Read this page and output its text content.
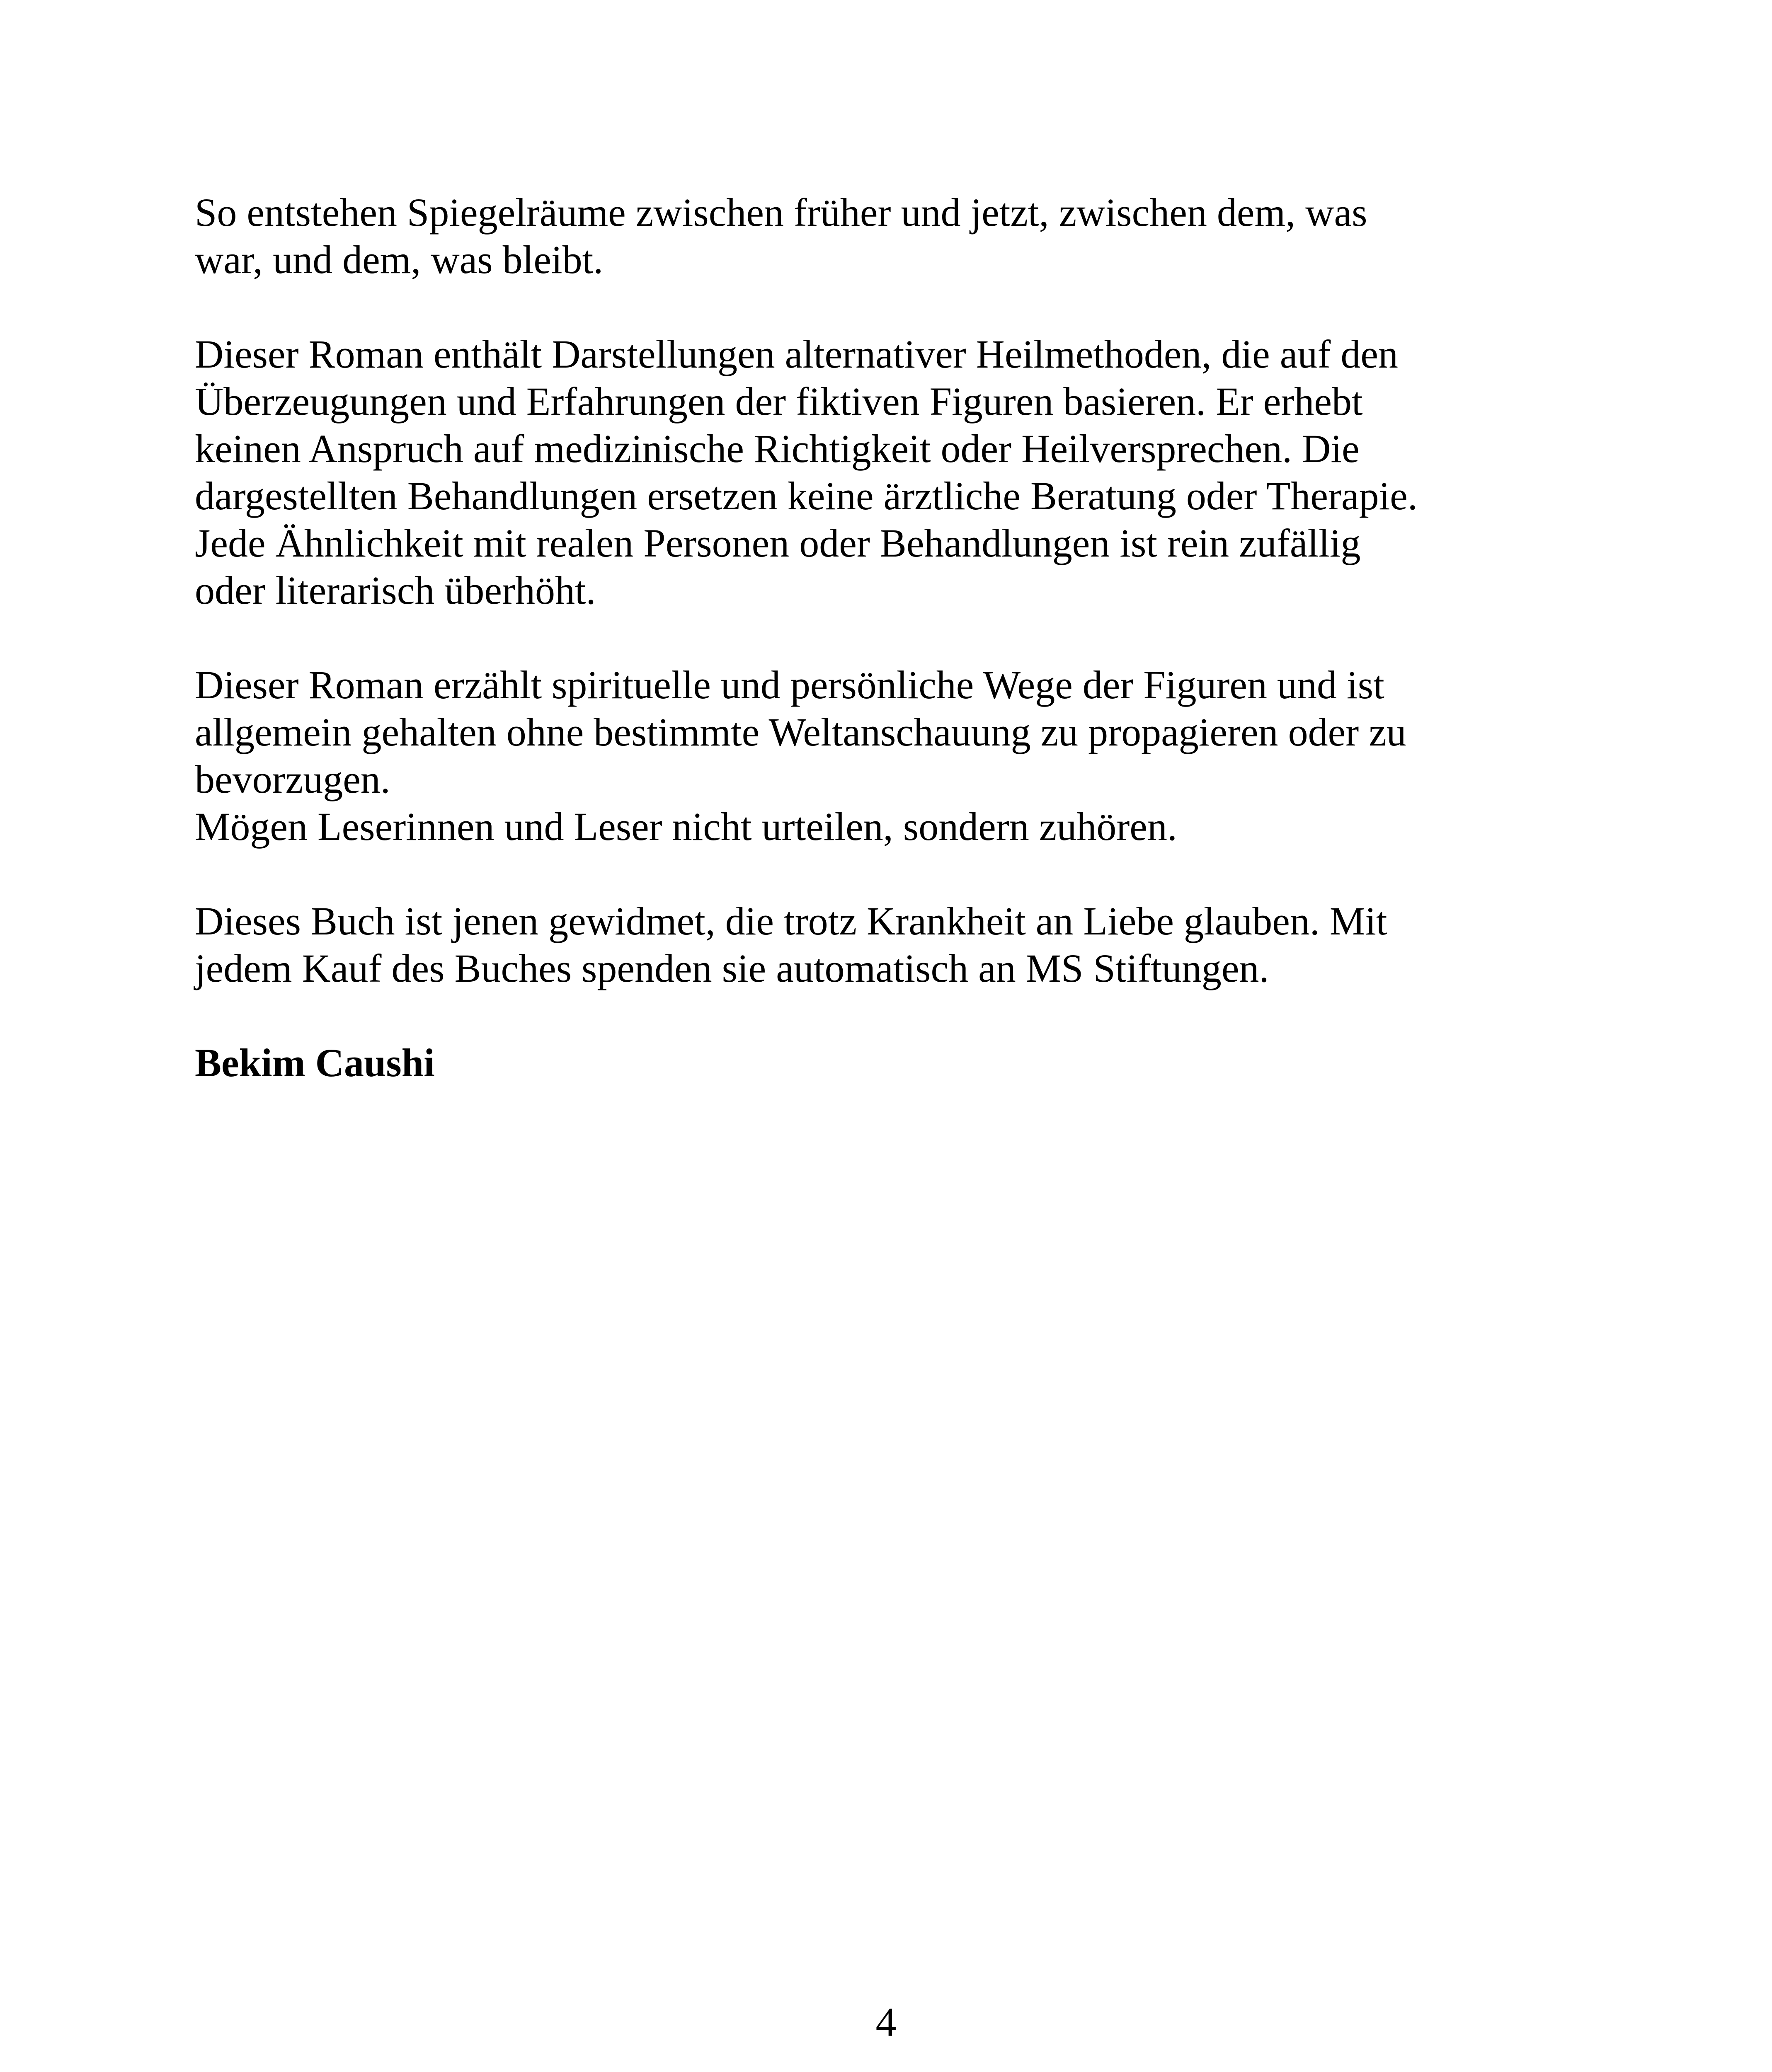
So entstehen Spiegelräume zwischen früher und jetzt, zwischen dem, was
war, und dem, was bleibt.
Dieser Roman enthält Darstellungen alternativer Heilmethoden, die auf den
Überzeugungen und Erfahrungen der fiktiven Figuren basieren. Er erhebt
keinen Anspruch auf medizinische Richtigkeit oder Heilversprechen. Die
dargestellten Behandlungen ersetzen keine ärztliche Beratung oder Therapie.
Jede Ähnlichkeit mit realen Personen oder Behandlungen ist rein zufällig
oder literarisch überhöht.
Dieser Roman erzählt spirituelle und persönliche Wege der Figuren und ist
allgemein gehalten ohne bestimmte Weltanschauung zu propagieren oder zu
bevorzugen.
Mögen Leserinnen und Leser nicht urteilen, sondern zuhören.
Dieses Buch ist jenen gewidmet, die trotz Krankheit an Liebe glauben. Mit
jedem Kauf des Buches spenden sie automatisch an MS Stiftungen.
Bekim Caushi
4
